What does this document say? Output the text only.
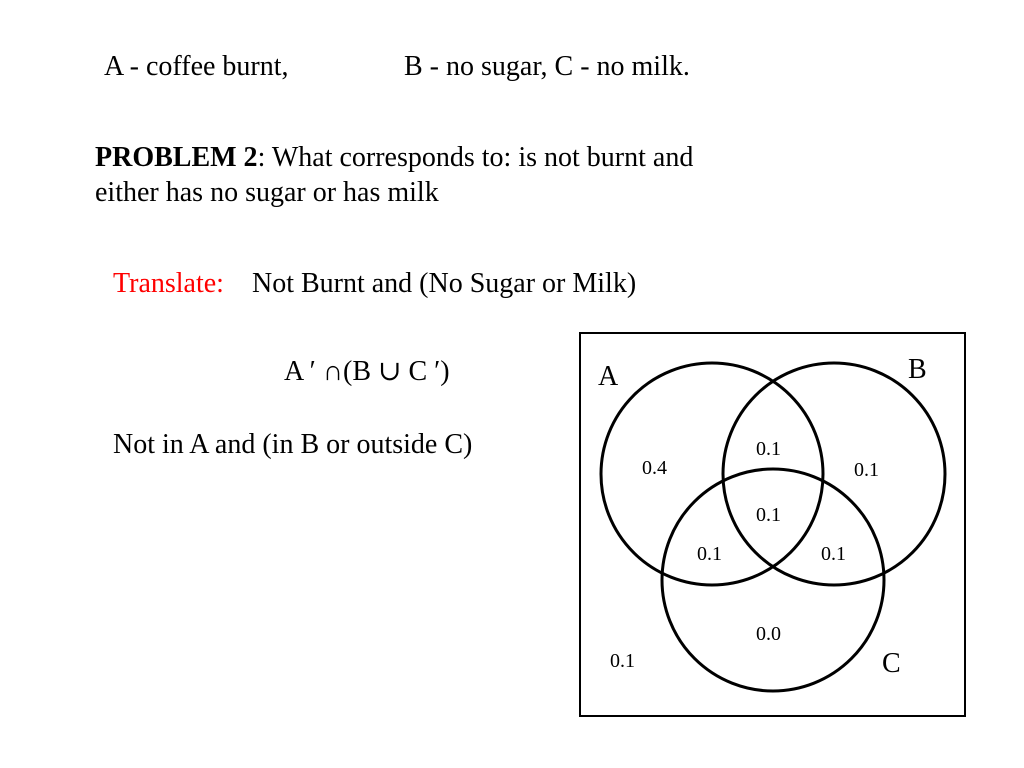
A - coffee burnt,	B - no sugar, C - no milk.
PROBLEM 2: What corresponds to: is not burnt and
either has no sugar or has milk
Translate: Not Burnt and (No Sugar or Milk)
A ′ ∩(B ∪ C ′)
Not in A and (in B or outside C)
A	B
C
0.4
0.1
0.1
0.1
0.1	0.1
0.0
0.1
